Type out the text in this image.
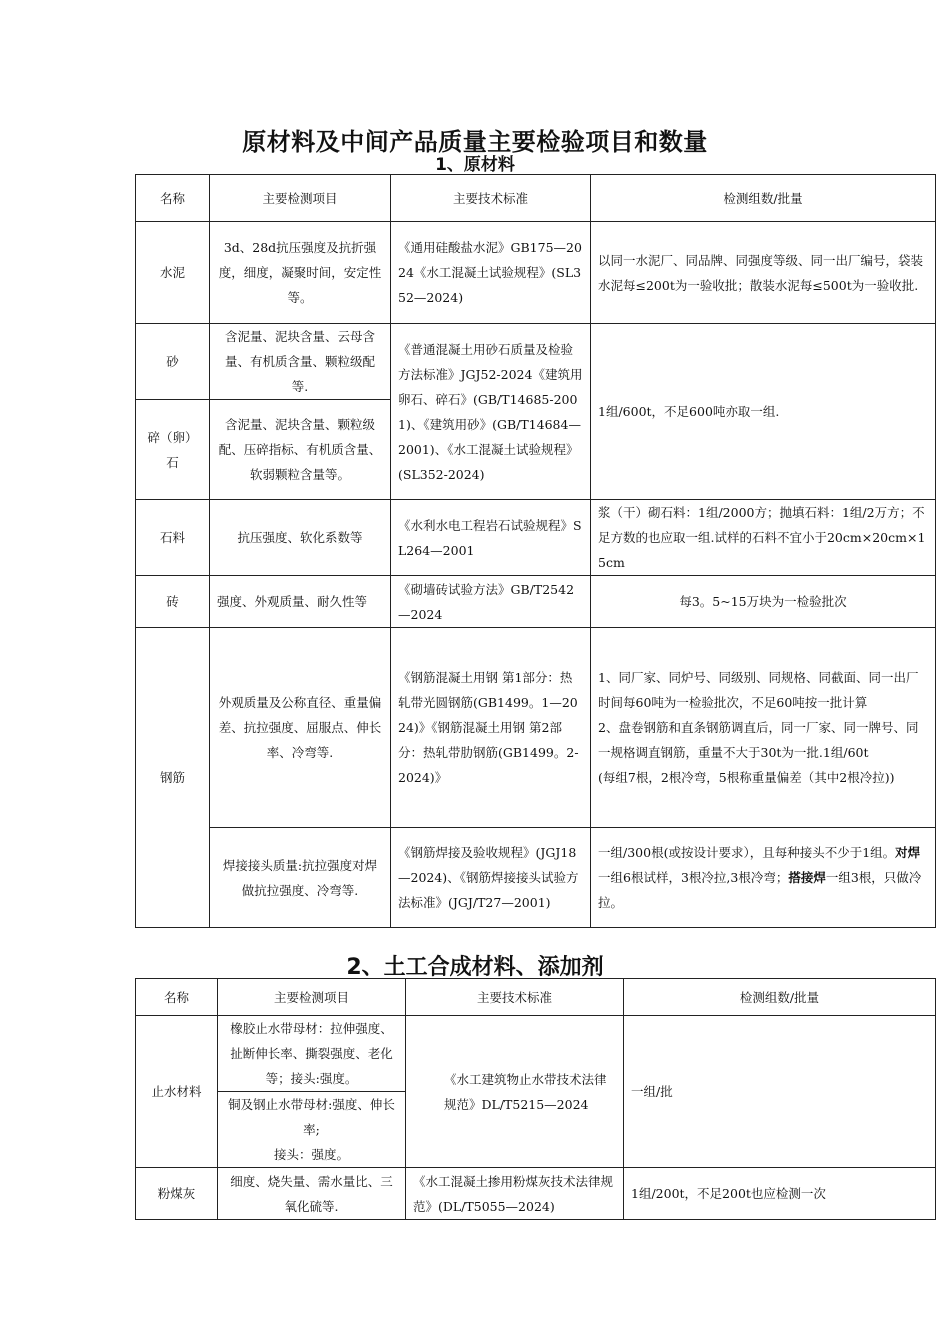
原材料及中间产品质量主要检验项目和数量
1、原材料
名称	主要检测项目	主要技术标准	检测组数/批量
水泥	3d、28d抗压强度及抗折强度，细度，凝聚时间，安定性等。	《通用硅酸盐水泥》GB175—2024《水工混凝土试验规程》(SL352—2024)	以同一水泥厂、同品牌、同强度等级、同一出厂编号，袋装水泥每≤200t为一验收批；散装水泥每≤500t为一验收批.
砂	含泥量、泥块含量、云母含量、有机质含量、颗粒级配等.	《普通混凝土用砂石质量及检验方法标准》JGJ52-2024《建筑用卵石、碎石》(GB/T14685-2001)、《建筑用砂》(GB/T14684—2001)、《水工混凝土试验规程》(SL352-2024)	1组/600t，不足600吨亦取一组.
碎（卵）石	含泥量、泥块含量、颗粒级配、压碎指标、有机质含量、软弱颗粒含量等。		
石料	抗压强度、软化系数等	《水利水电工程岩石试验规程》SL264—2001	浆（干）砌石料：1组/2000方；抛填石料：1组/2万方；不足方数的也应取一组.试样的石料不宜小于20cm×20cm×15cm
砖	强度、外观质量、耐久性等	《砌墙砖试验方法》GB/T2542—2024	每3。5~15万块为一检验批次
钢筋	外观质量及公称直径、重量偏差、抗拉强度、屈服点、伸长率、冷弯等.	《钢筋混凝土用钢 第1部分：热轧带光圆钢筋(GB1499。1—2024)》《钢筋混凝土用钢 第2部分：热轧带肋钢筋(GB1499。2-2024)》	1、同厂家、同炉号、同级别、同规格、同截面、同一出厂时间每60吨为一检验批次，不足60吨按一批计算
2、盘卷钢筋和直条钢筋调直后，同一厂家、同一牌号、同一规格调直钢筋，重量不大于30t为一批.1组/60t
(每组7根，2根冷弯，5根称重量偏差（其中2根冷拉))

	焊接接头质量:抗拉强度对焊做抗拉强度、冷弯等.	《钢筋焊接及验收规程》(JGJ18—2024)、《钢筋焊接接头试验方法标准》(JGJ/T27—2001)	一组/300根(或按设计要求），且每种接头不少于1组。对焊一组6根试样，3根冷拉,3根冷弯；搭接焊一组3根，只做冷拉。
2、土工合成材料、添加剂
名称	主要检测项目	主要技术标准	检测组数/批量
止水材料	橡胶止水带母材：拉伸强度、扯断伸长率、撕裂强度、老化等；接头:强度。	《水工建筑物止水带技术法律规范》DL/T5215—2024	一组/批

	铜及钢止水带母材:强度、伸长率;
接头：强度。		

粉煤灰	细度、烧失量、需水量比、三氧化硫等.	《水工混凝土掺用粉煤灰技术法律规范》(DL/T5055—2024)	1组/200t，不足200t也应检测一次
